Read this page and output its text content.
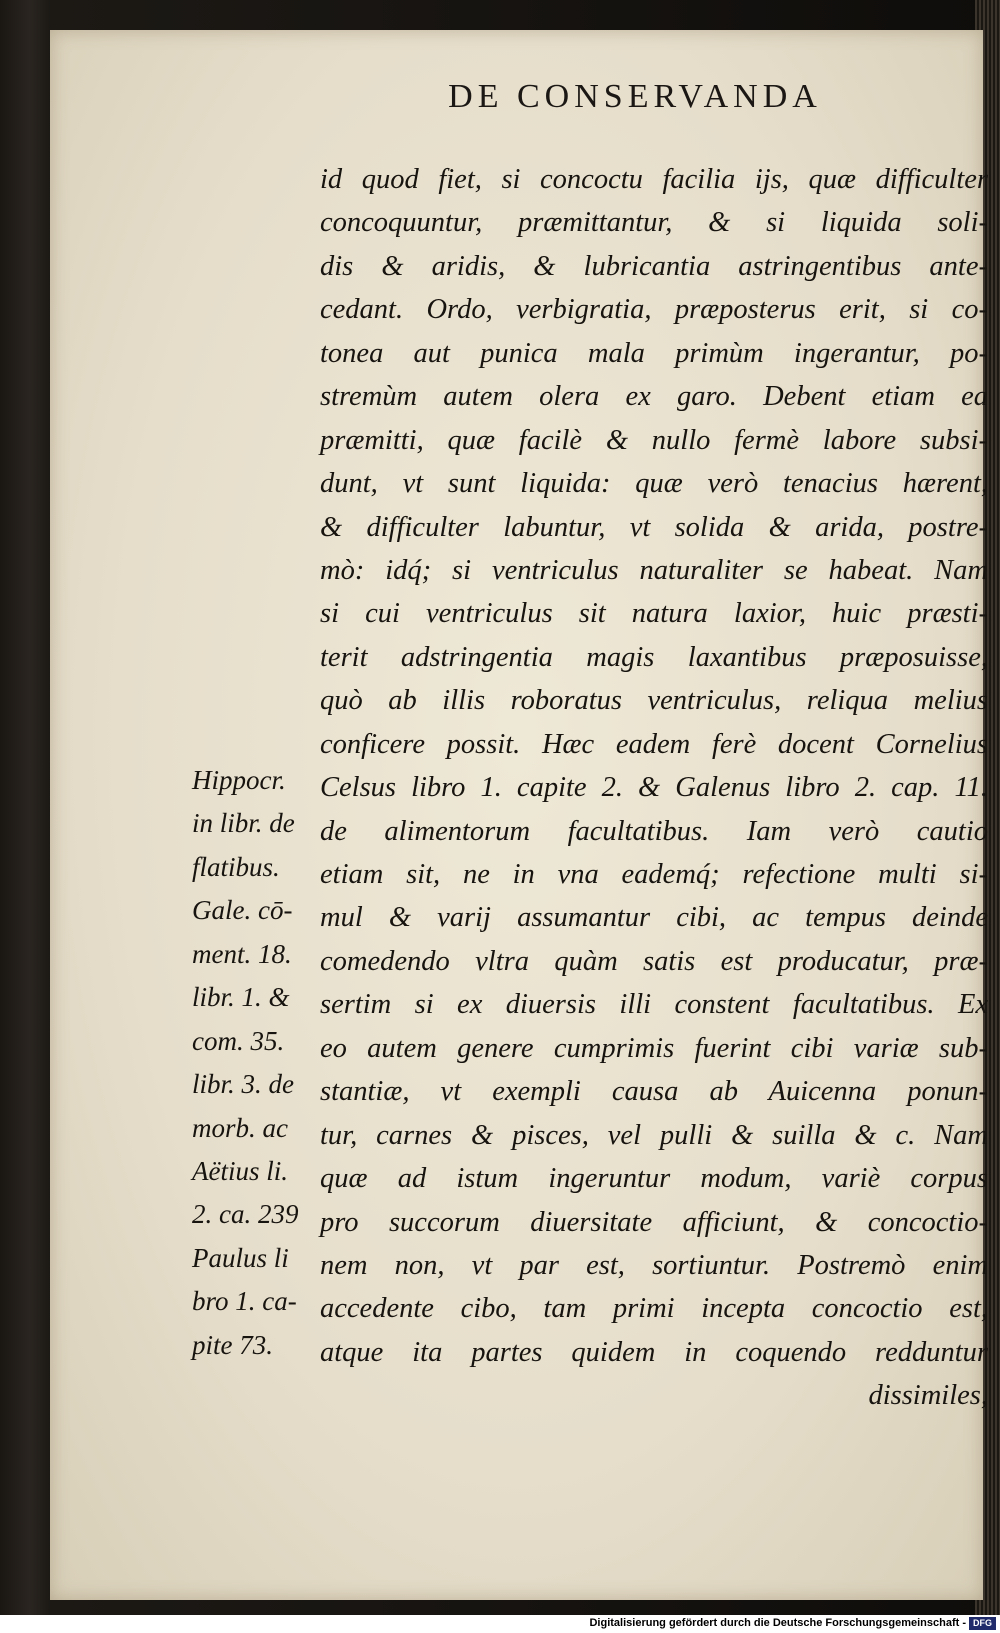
DE CONSERVANDA
id quod fiet, si concoctu facilia ijs, quæ difficulter
concoquuntur, præmittantur, & si liquida soli-
dis & aridis, & lubricantia astringentibus ante-
cedant. Ordo, verbigratia, præposterus erit, si co-
tonea aut punica mala primùm ingerantur, po-
stremùm autem olera ex garo. Debent etiam ea
præmitti, quæ facilè & nullo fermè labore subsi-
dunt, vt sunt liquida: quæ verò tenacius hærent,
& difficulter labuntur, vt solida & arida, postre-
mò: idq́; si ventriculus naturaliter se habeat. Nam
si cui ventriculus sit natura laxior, huic præsti-
terit adstringentia magis laxantibus præposuisse,
quò ab illis roboratus ventriculus, reliqua melius
conficere possit. Hæc eadem ferè docent Cornelius
Celsus libro 1. capite 2. & Galenus libro 2. cap. 11.
de alimentorum facultatibus. Iam verò cautio
etiam sit, ne in vna eademq́; refectione multi si-
mul & varij assumantur cibi, ac tempus deinde
comedendo vltra quàm satis est producatur, præ-
sertim si ex diuersis illi constent facultatibus. Ex
eo autem genere cumprimis fuerint cibi variæ sub-
stantiæ, vt exempli causa ab Auicenna ponun-
tur, carnes & pisces, vel pulli & suilla & c. Nam
quæ ad istum ingeruntur modum, variè corpus
pro succorum diuersitate afficiunt, & concoctio-
nem non, vt par est, sortiuntur. Postremò enim
accedente cibo, tam primi incepta concoctio est,
atque ita partes quidem in coquendo redduntur
dissimiles,
Hippocr.
in libr. de
flatibus.
Gale. cō-
ment. 18.
libr. 1. &
com. 35.
libr. 3. de
morb. ac
Aëtius li.
2. ca. 239
Paulus li
bro 1. ca-
pite 73.
Digitalisierung gefördert durch die Deutsche Forschungsgemeinschaft - DFG
